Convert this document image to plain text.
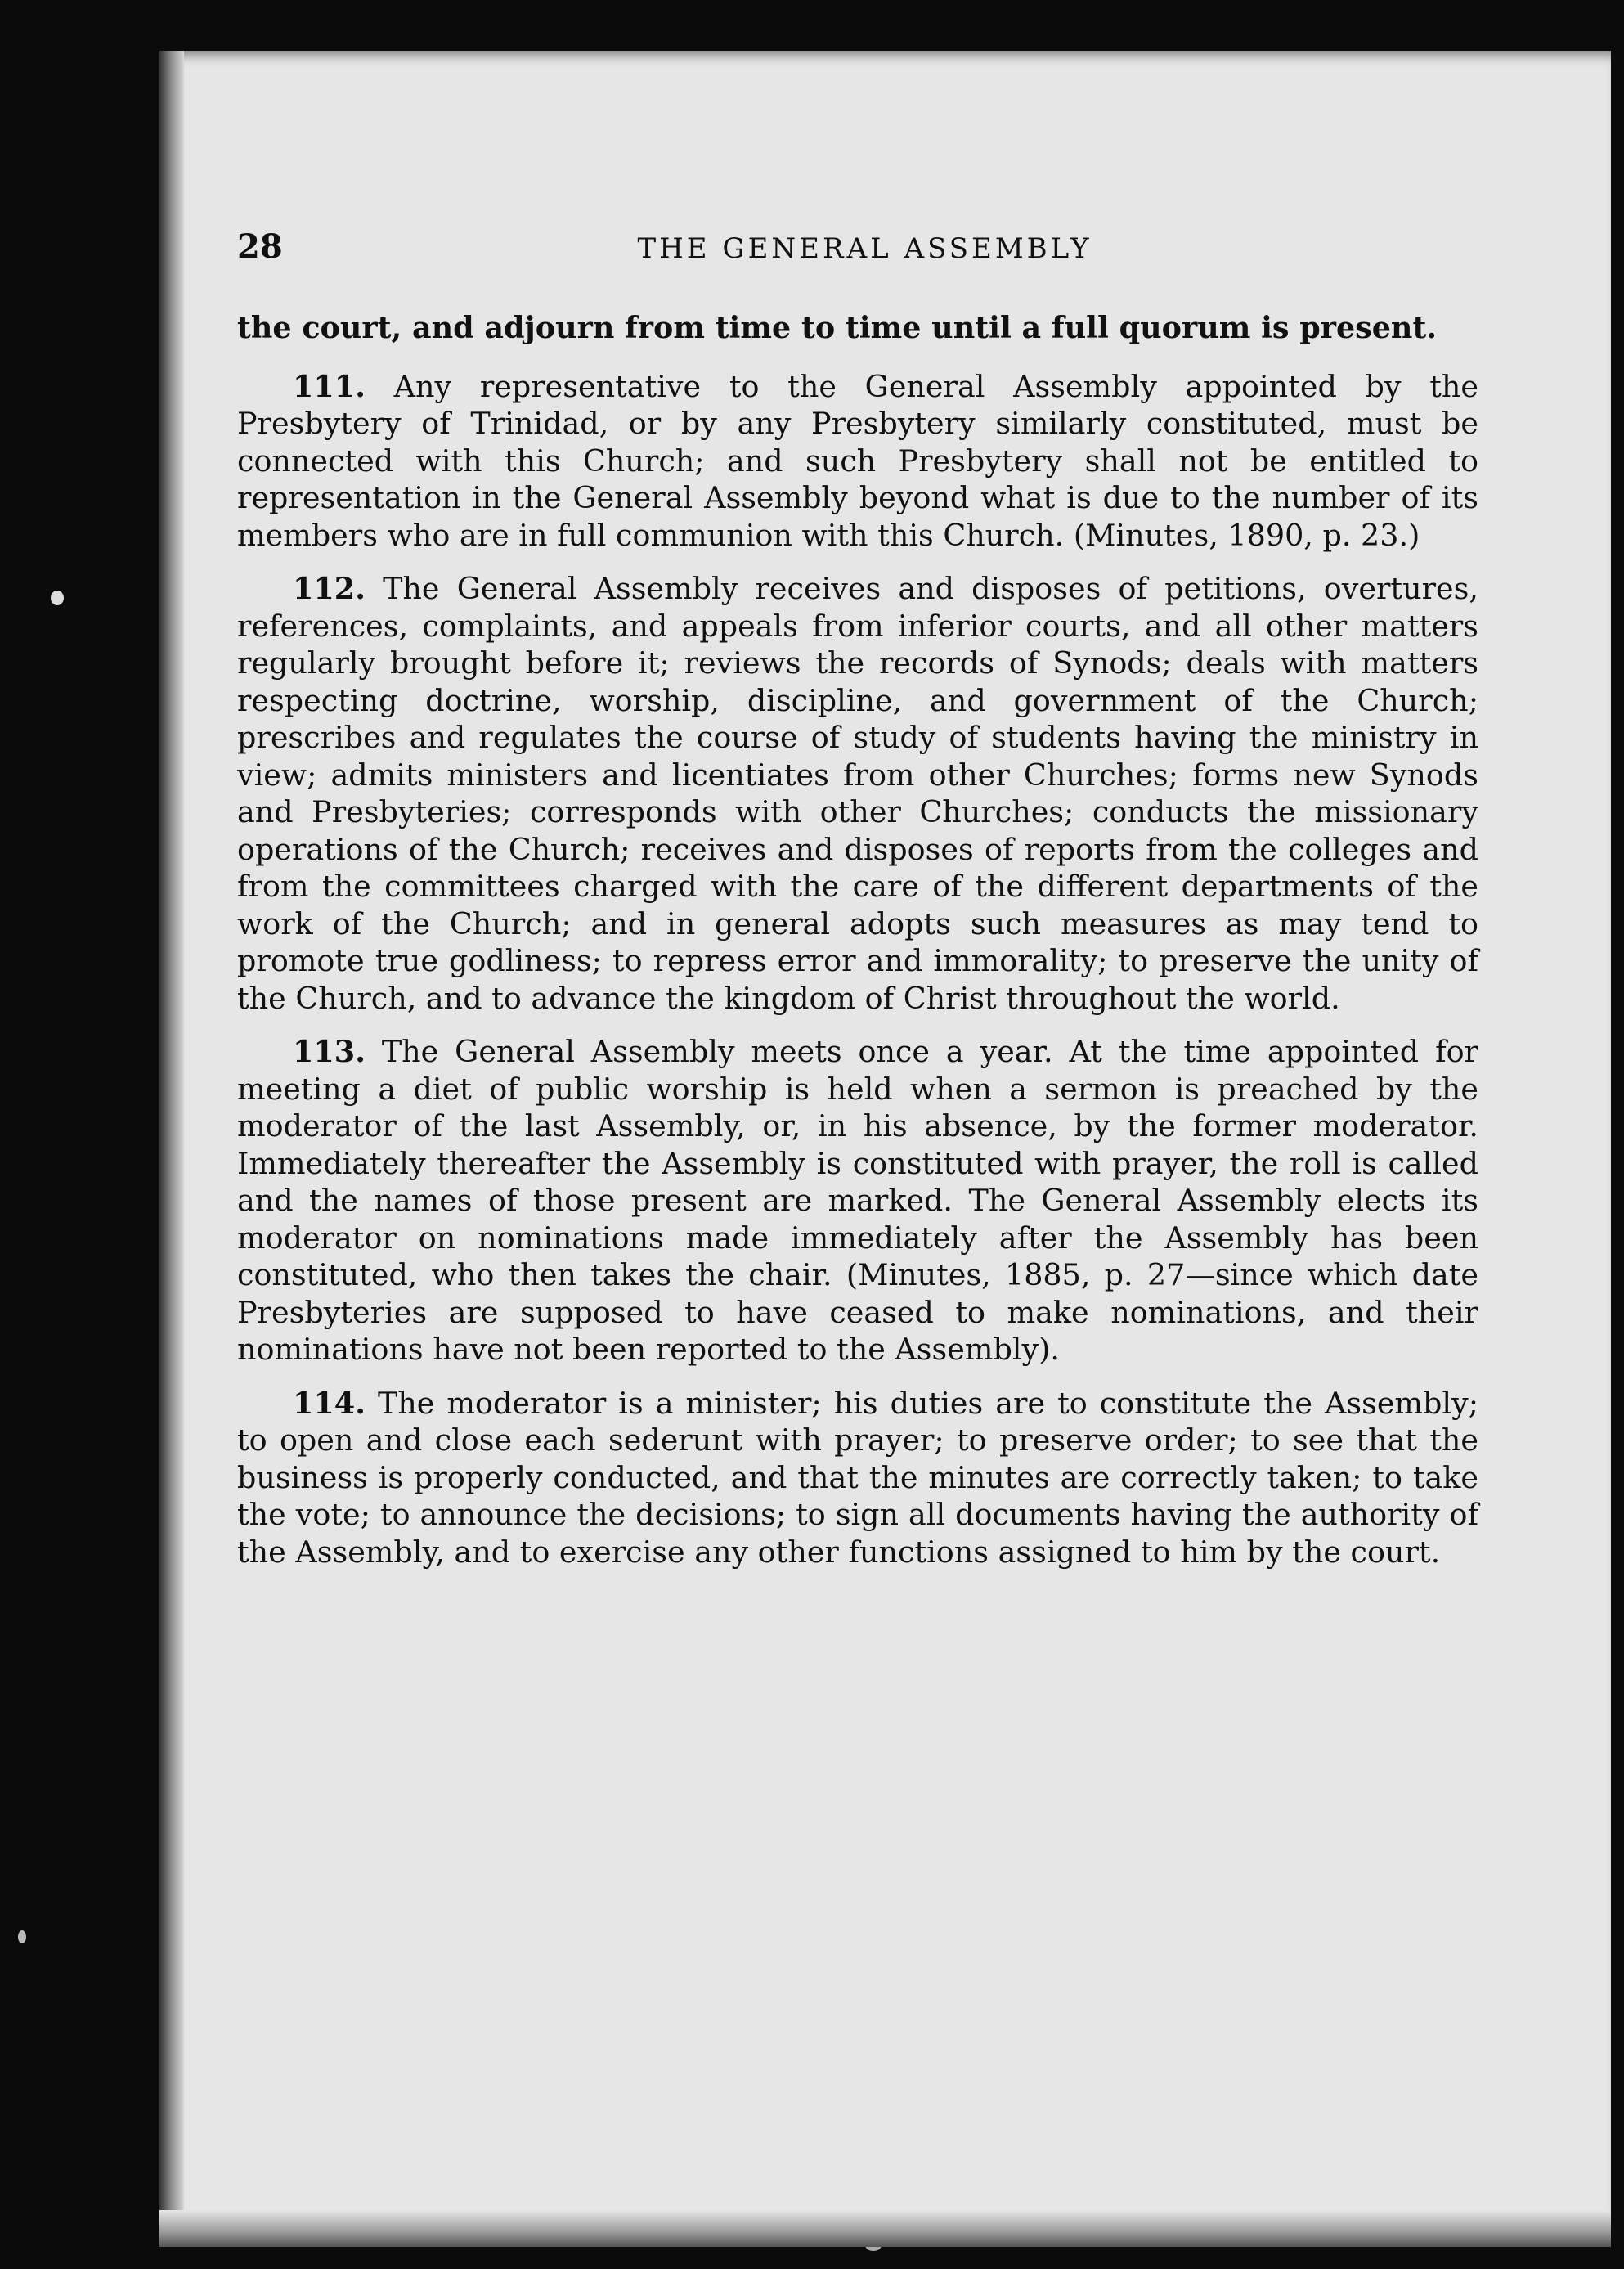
28	THE GENERAL ASSEMBLY

the court, and adjourn from time to time until a full quorum is present.

111. Any representative to the General Assembly appointed by the Presbytery of Trinidad, or by any Presbytery similarly constituted, must be connected with this Church; and such Presbytery shall not be entitled to representation in the General Assembly beyond what is due to the number of its members who are in full communion with this Church. (Minutes, 1890, p. 23.)

112. The General Assembly receives and disposes of petitions, overtures, references, complaints, and appeals from inferior courts, and all other matters regularly brought before it; reviews the records of Synods; deals with matters respecting doctrine, worship, discipline, and government of the Church; prescribes and regulates the course of study of students having the ministry in view; admits ministers and licentiates from other Churches; forms new Synods and Presbyteries; corresponds with other Churches; conducts the missionary operations of the Church; receives and disposes of reports from the colleges and from the committees charged with the care of the different departments of the work of the Church; and in general adopts such measures as may tend to promote true godliness; to repress error and immorality; to preserve the unity of the Church, and to advance the kingdom of Christ throughout the world.

113. The General Assembly meets once a year. At the time appointed for meeting a diet of public worship is held when a sermon is preached by the moderator of the last Assembly, or, in his absence, by the former moderator. Immediately thereafter the Assembly is constituted with prayer, the roll is called and the names of those present are marked. The General Assembly elects its moderator on nominations made immediately after the Assembly has been constituted, who then takes the chair. (Minutes, 1885, p. 27—since which date Presbyteries are supposed to have ceased to make nominations, and their nominations have not been reported to the Assembly).

114. The moderator is a minister; his duties are to constitute the Assembly; to open and close each sederunt with prayer; to preserve order; to see that the business is properly conducted, and that the minutes are correctly taken; to take the vote; to announce the decisions; to sign all documents having the authority of the Assembly, and to exercise any other functions assigned to him by the court.
